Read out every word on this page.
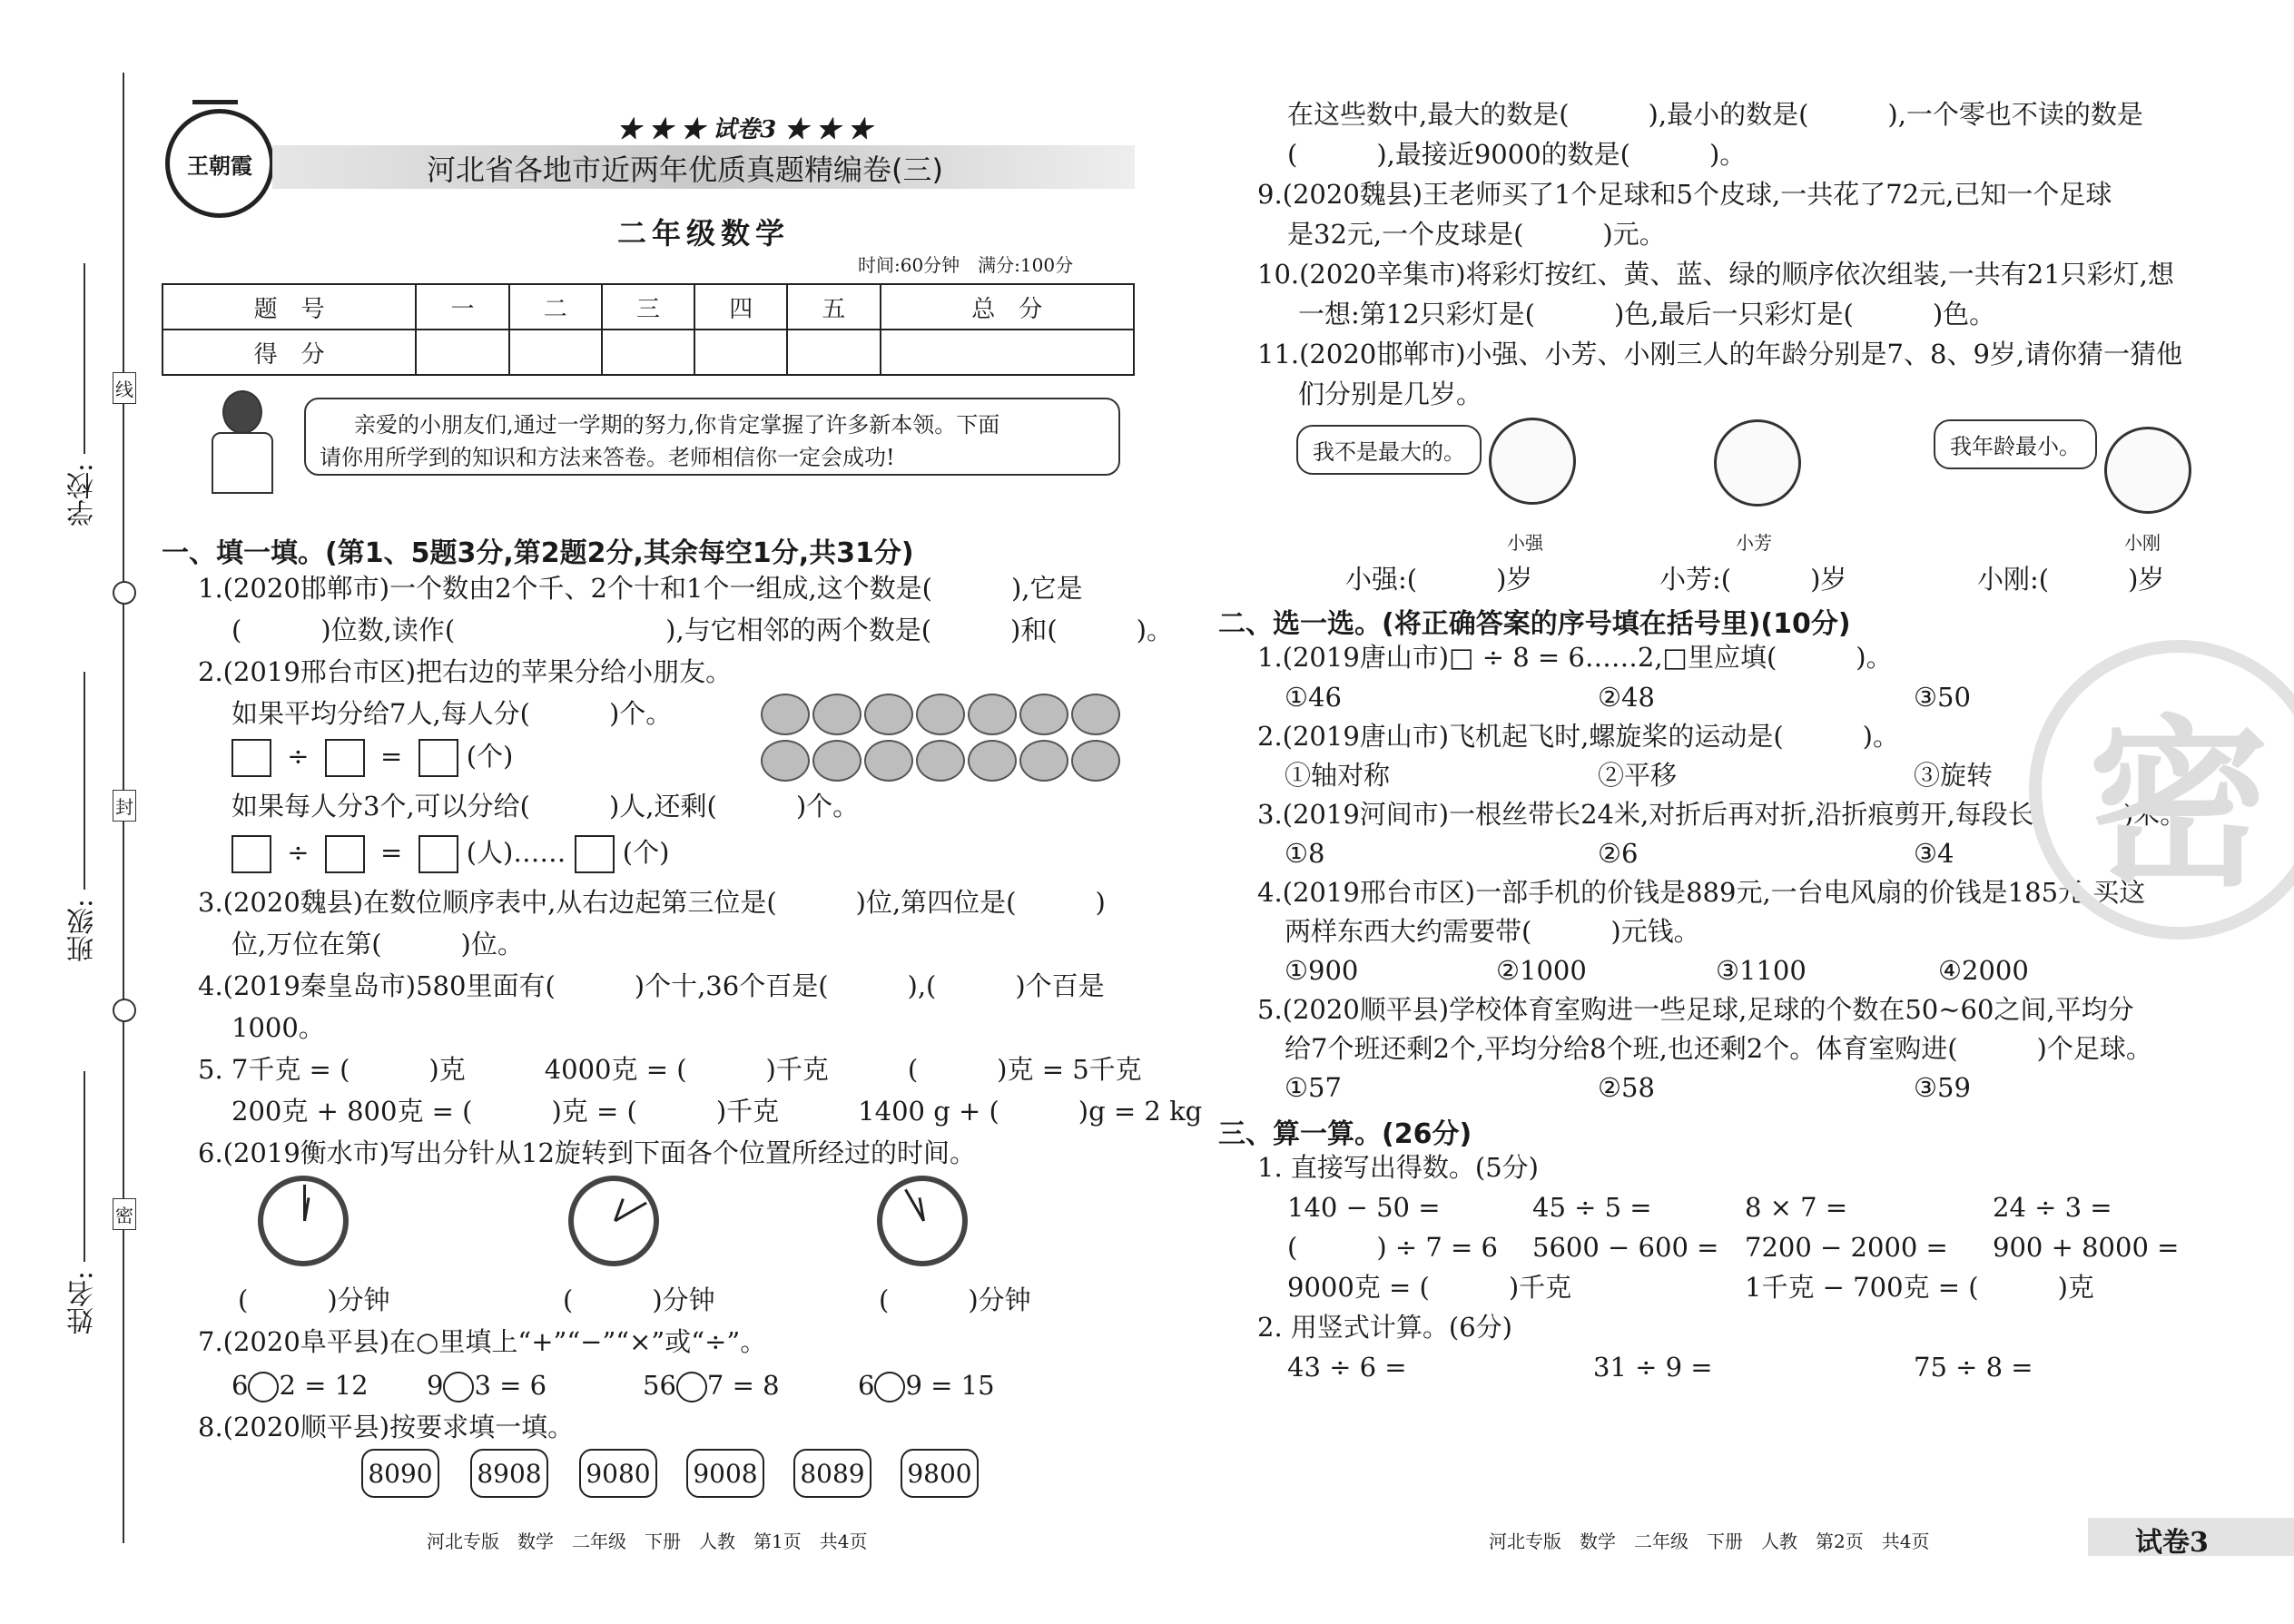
学校:
班级:
姓名:
线
封
密
王朝霞
★ ★ ★ 试卷3 ★ ★ ★
河北省各地市近两年优质真题精编卷(三)
二年级数学
时间:60分钟　满分:100分
题　号	一	二	三	四	五	总　分
得　分						
亲爱的小朋友们,通过一学期的努力,你肯定掌握了许多新本领。下面
请你用所学到的知识和方法来答卷。老师相信你一定会成功!
一、填一填。(第1、5题3分,第2题2分,其余每空1分,共31分)
1.(2020邯郸市)一个数由2个千、2个十和1个一组成,这个数是(　　　),它是
(　　　)位数,读作(　　　　　　　　),与它相邻的两个数是(　　　)和(　　　)。
2.(2019邢台市区)把右边的苹果分给小朋友。
如果平均分给7人,每人分(　　　)个。
÷	= (个)
如果每人分3个,可以分给(　　　)人,还剩(　　　)个。
÷	= (人)…… (个)
3.(2020魏县)在数位顺序表中,从右边起第三位是(　　　)位,第四位是(　　　)
位,万位在第(　　　)位。
4.(2019秦皇岛市)580里面有(　　　)个十,36个百是(　　　),(　　　)个百是
1000。
5. 7千克 = (　　　)克　　　4000克 = (　　　)千克　　　(　　　)克 = 5千克
200克 + 800克 = (　　　)克 = (　　　)千克　　　1400 g + (　　　)g = 2 kg
6.(2019衡水市)写出分针从12旋转到下面各个位置所经过的时间。
(　　　)分钟	(　　　)分钟	(　　　)分钟
7.(2020阜平县)在○里填上“+”“−”“×”或“÷”。
6 2 = 12 9 3 = 6	56 7 = 8	6 9 = 15
8.(2020顺平县)按要求填一填。
8090 8908 9080 9008 8089 9800
河北专版　数学　二年级　下册　人教　第1页　共4页
在这些数中,最大的数是(　　　),最小的数是(　　　),一个零也不读的数是
(　　　),最接近9000的数是(　　　)。
9.(2020魏县)王老师买了1个足球和5个皮球,一共花了72元,已知一个足球
是32元,一个皮球是(　　　)元。
10.(2020辛集市)将彩灯按红、黄、蓝、绿的顺序依次组装,一共有21只彩灯,想
一想:第12只彩灯是(　　　)色,最后一只彩灯是(　　　)色。
11.(2020邯郸市)小强、小芳、小刚三人的年龄分别是7、8、9岁,请你猜一猜他
们分别是几岁。
我不是最大的。	我年龄最小。
小强	小芳	小刚
小强:(　　　)岁	小芳:(　　　)岁	小刚:(　　　)岁
二、选一选。(将正确答案的序号填在括号里)(10分)
1.(2019唐山市)□ ÷ 8 = 6……2,□里应填(　　　)。
①46	②48	③50
2.(2019唐山市)飞机起飞时,螺旋桨的运动是(　　　)。
①轴对称	②平移	③旋转
3.(2019河间市)一根丝带长24米,对折后再对折,沿折痕剪开,每段长(　　　)米。
①8	②6	③4
4.(2019邢台市区)一部手机的价钱是889元,一台电风扇的价钱是185元,买这
两样东西大约需要带(　　　)元钱。
①900	②1000	③1100	④2000
5.(2020顺平县)学校体育室购进一些足球,足球的个数在50~60之间,平均分
给7个班还剩2个,平均分给8个班,也还剩2个。体育室购进(　　　)个足球。
①57	②58	③59
三、算一算。(26分)
1. 直接写出得数。(5分)
140 − 50 =	45 ÷ 5 =	8 × 7 =	24 ÷ 3 =
(　　　) ÷ 7 = 6 5600 − 600 = 7200 − 2000 = 900 + 8000 =
9000克 = (　　　)千克	1千克 − 700克 = (　　　)克
2. 用竖式计算。(6分)
43 ÷ 6 =	31 ÷ 9 =	75 ÷ 8 =
密
河北专版　数学　二年级　下册　人教　第2页　共4页	试卷3
